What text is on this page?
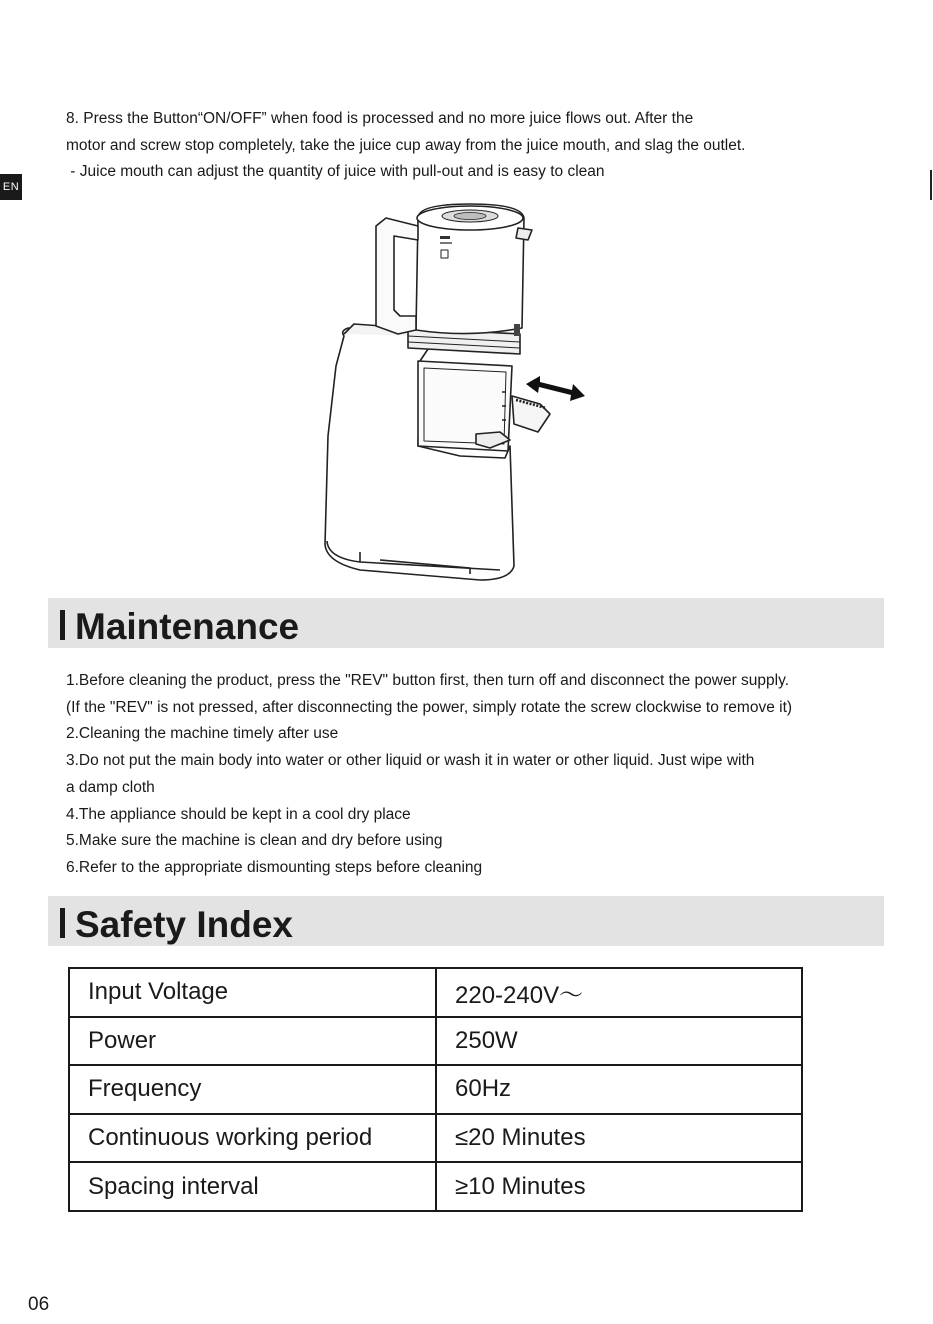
EN

8. Press the Button“ON/OFF” when food is processed and no more juice flows out. After the

motor and screw stop completely, take the juice cup away from the juice mouth, and slag the outlet.

- Juice mouth can adjust the quantity of juice with pull-out and is easy to clean

Maintenance

1.Before cleaning the product, press the "REV" button first, then turn off and disconnect the power supply.

(If the "REV" is not pressed, after disconnecting the power, simply rotate the screw clockwise to remove it)

2.Cleaning the machine timely after use

3.Do not put the main body into water or other liquid or wash it in water or other liquid. Just wipe with

a damp cloth

4.The appliance should be kept in a cool dry place

5.Make sure the machine is clean and dry before using

6.Refer to the appropriate dismounting steps before cleaning

Safety Index
Input Voltage	220-240V～
Power	250W
Frequency	60Hz
Continuous working period	≤20 Minutes
Spacing interval	≥10 Minutes
06
